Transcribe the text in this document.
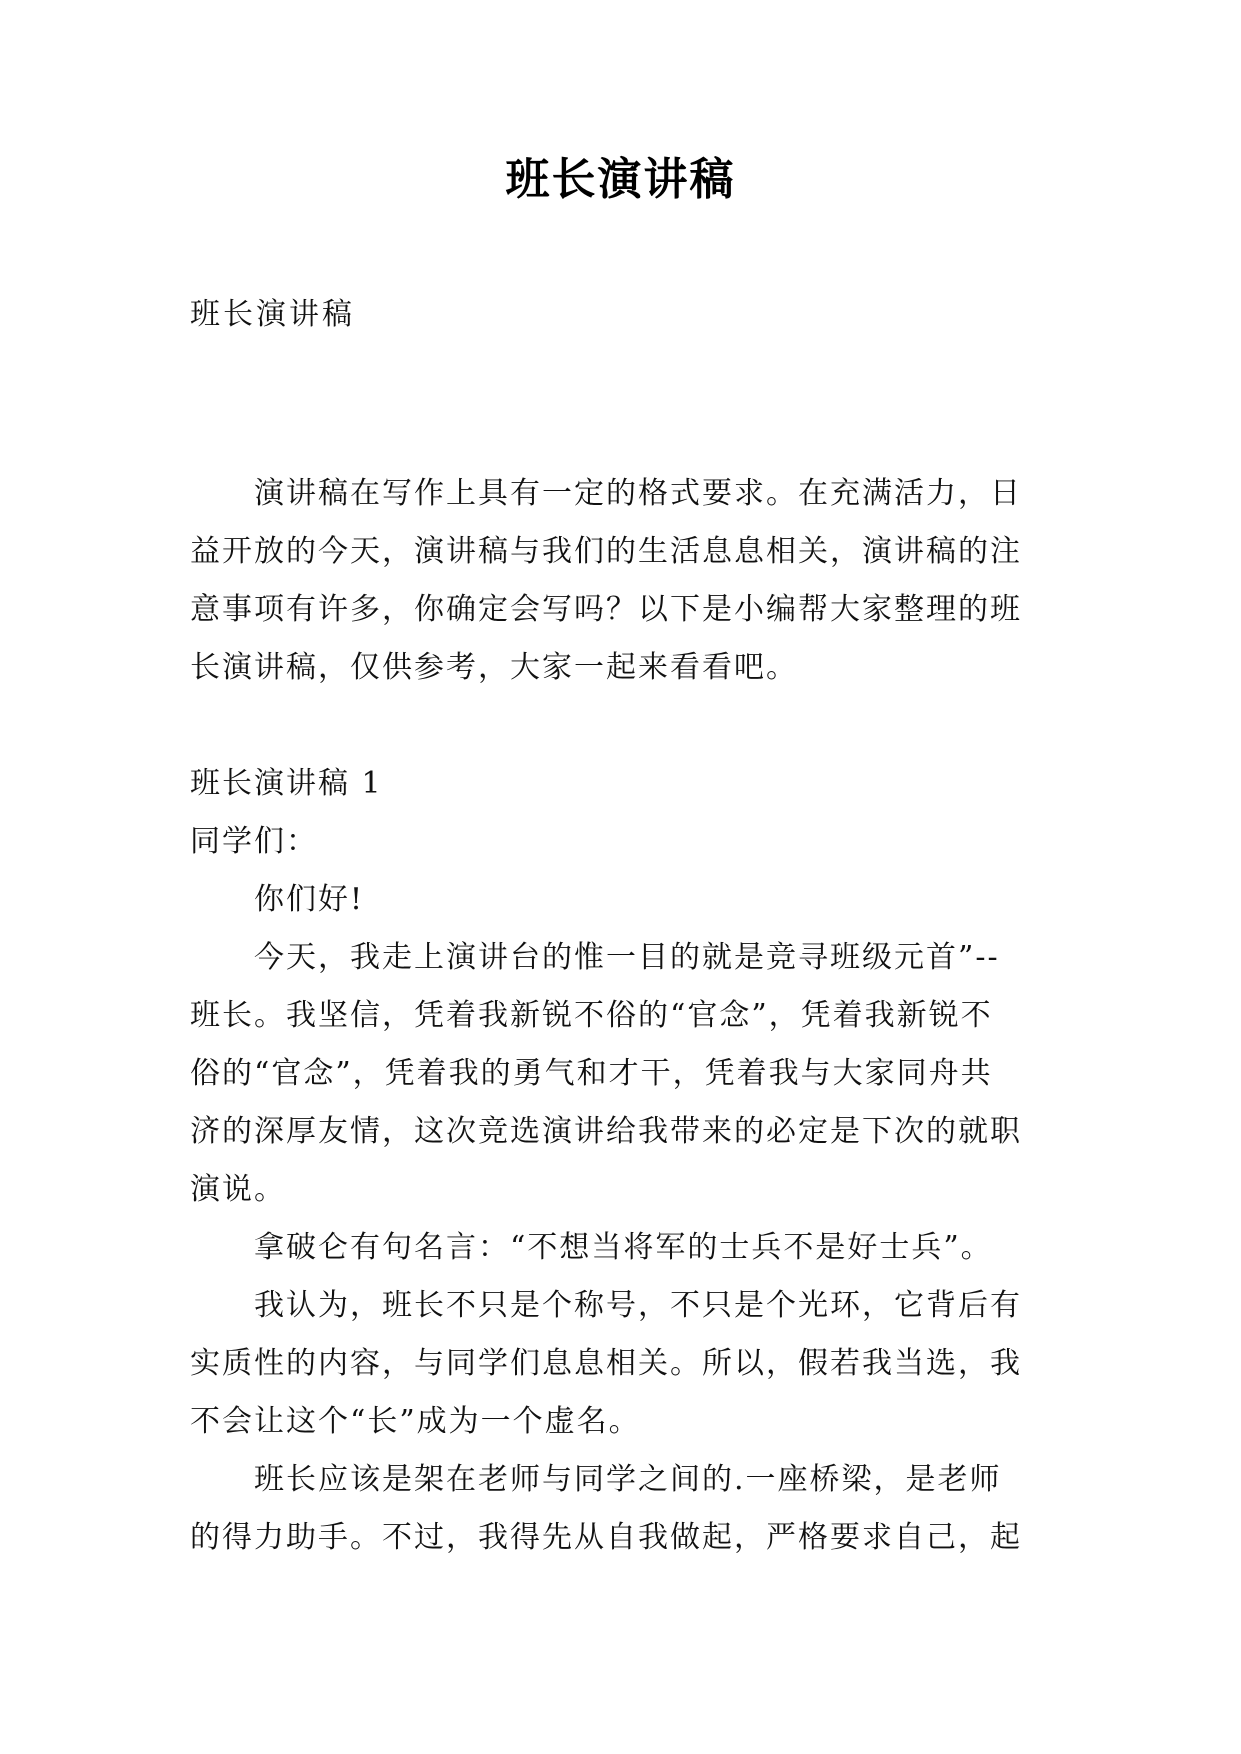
班长演讲稿
班长演讲稿
演讲稿在写作上具有一定的格式要求。在充满活力，日
益开放的今天，演讲稿与我们的生活息息相关，演讲稿的注
意事项有许多，你确定会写吗？以下是小编帮大家整理的班
长演讲稿，仅供参考，大家一起来看看吧。
班长演讲稿 1
同学们：
你们好!
今天，我走上演讲台的惟一目的就是竞寻班级元首”--
班长。我坚信，凭着我新锐不俗的“官念”，凭着我新锐不
俗的“官念”，凭着我的勇气和才干，凭着我与大家同舟共
济的深厚友情，这次竞选演讲给我带来的必定是下次的就职
演说。
拿破仑有句名言：“不想当将军的士兵不是好士兵”。
我认为，班长不只是个称号，不只是个光环，它背后有
实质性的内容，与同学们息息相关。所以，假若我当选，我
不会让这个“长”成为一个虚名。
班长应该是架在老师与同学之间的.一座桥梁，是老师
的得力助手。不过，我得先从自我做起，严格要求自己，起
